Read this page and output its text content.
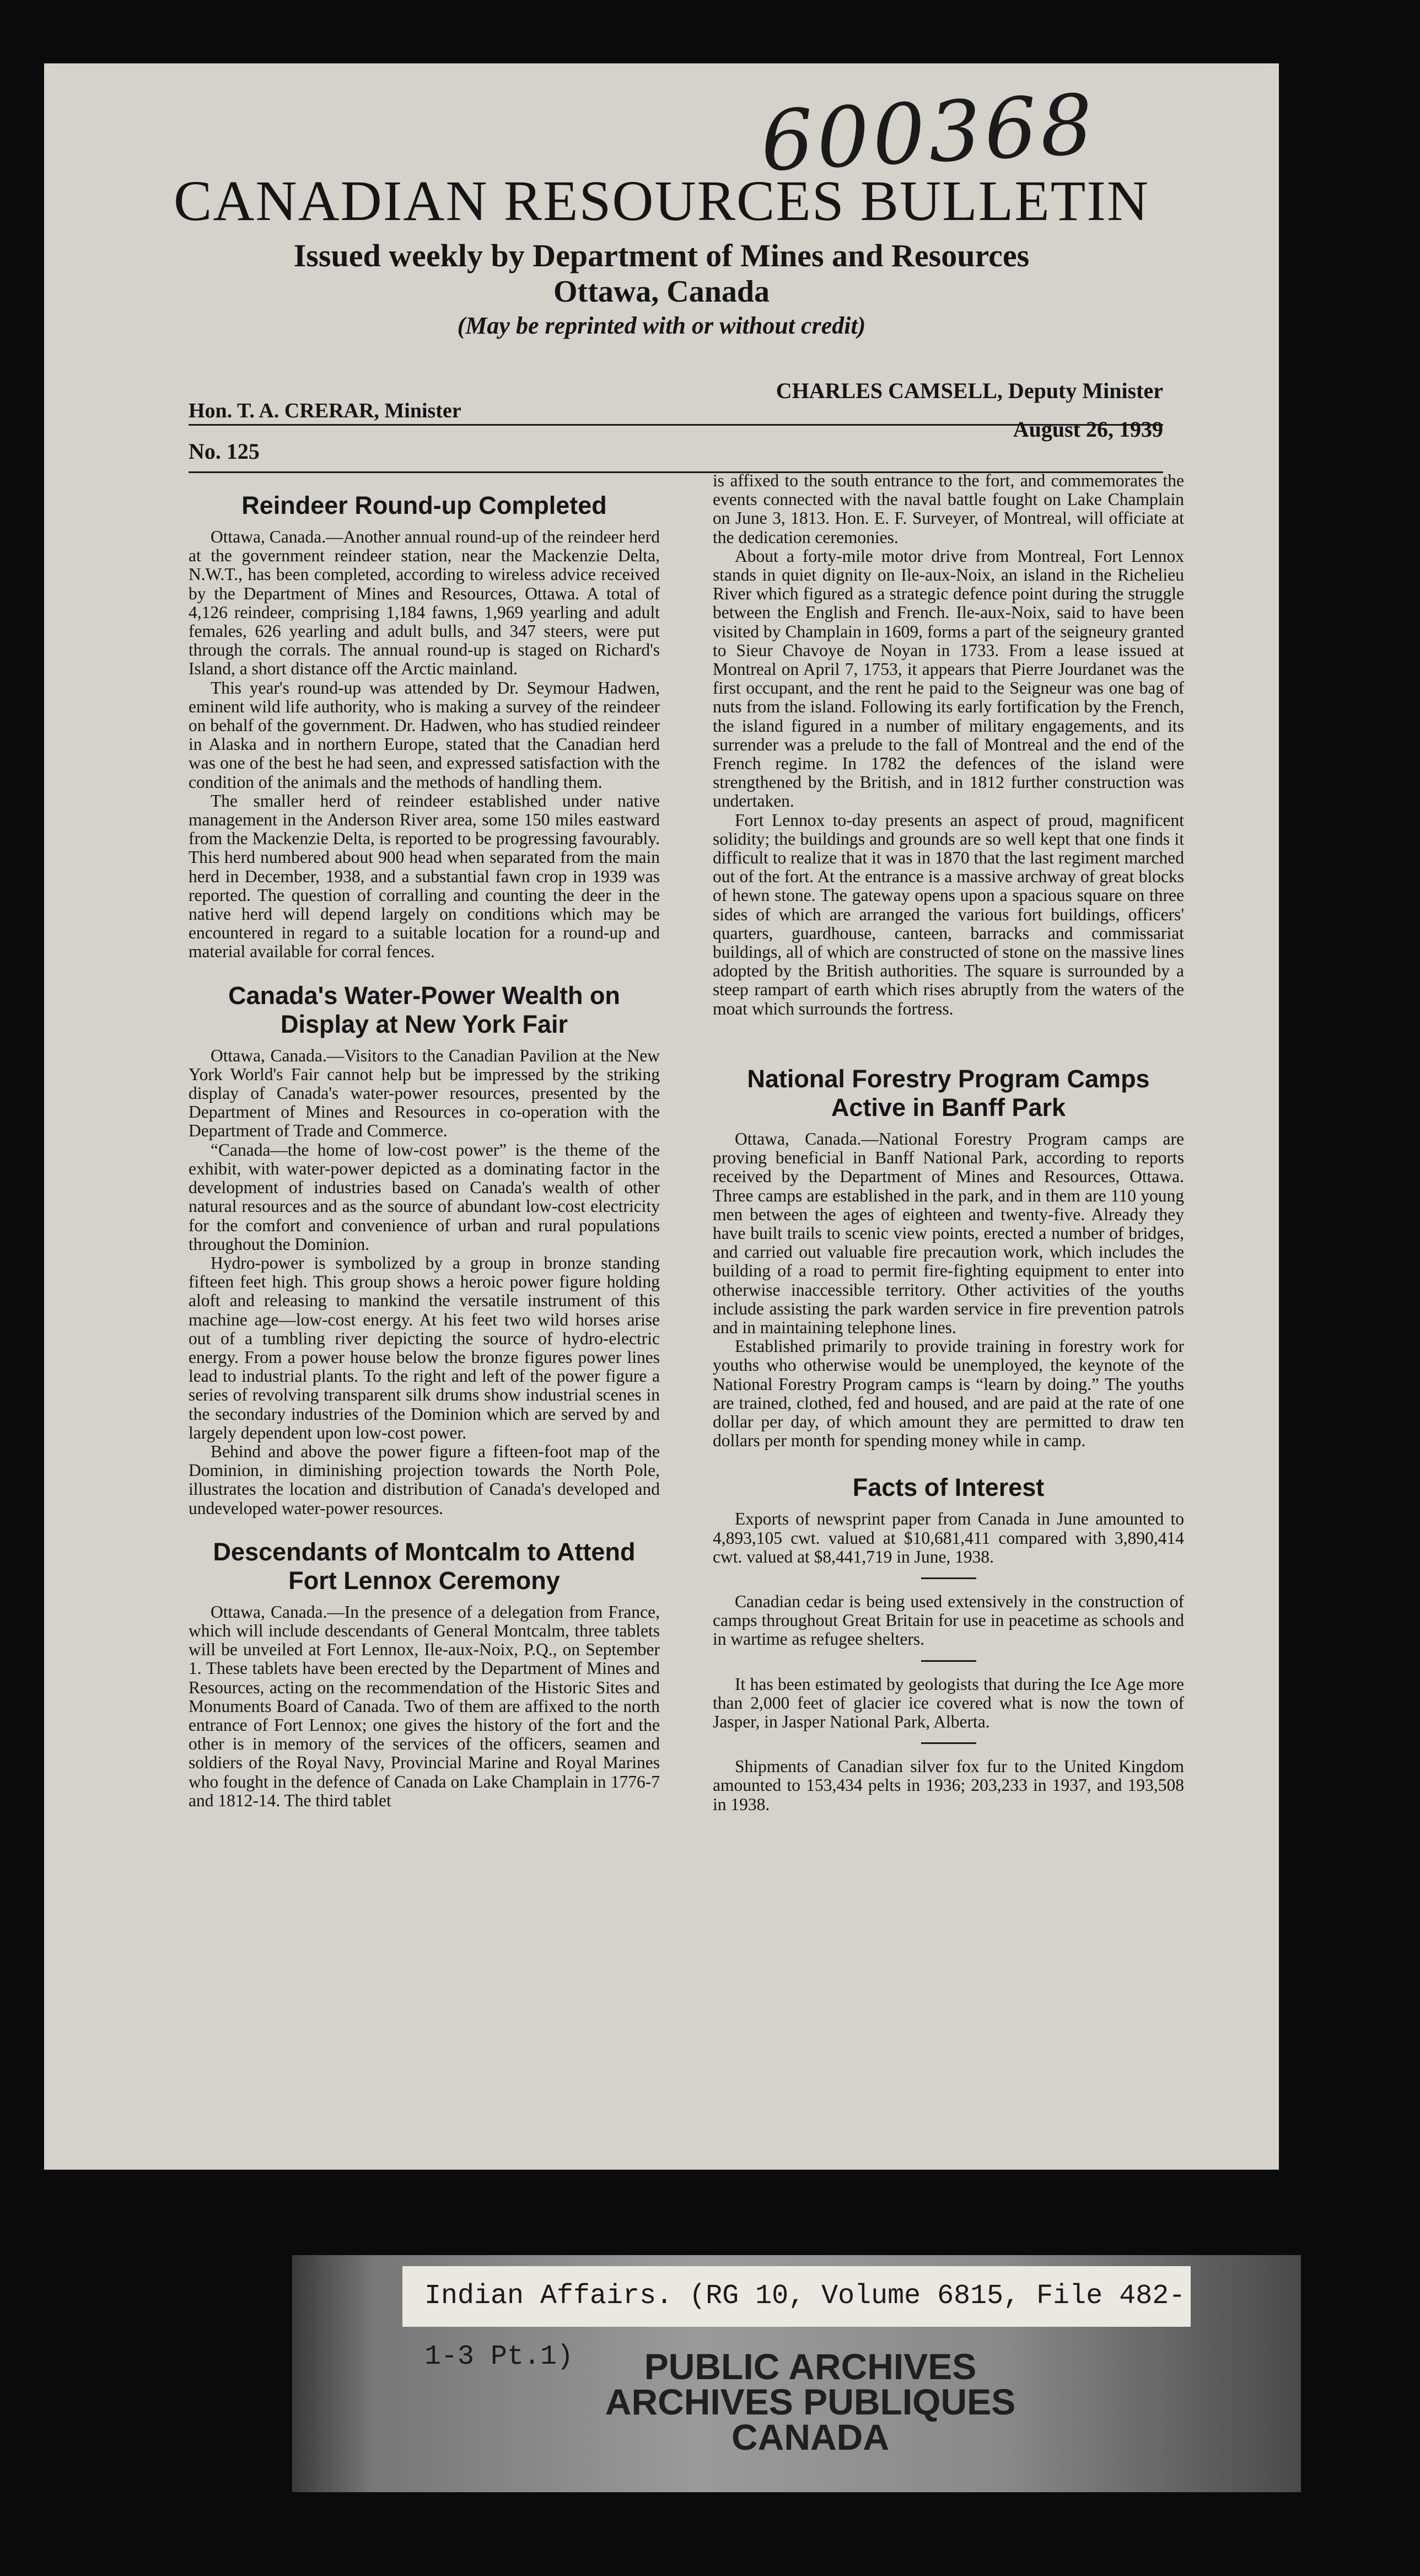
600368
CANADIAN RESOURCES BULLETIN
Issued weekly by Department of Mines and Resources
Ottawa, Canada
(May be reprinted with or without credit)
Hon. T. A. CRERAR, Minister
CHARLES CAMSELL, Deputy Minister
August 26, 1939
No. 125
Reindeer Round-up Completed

Ottawa, Canada.—Another annual round-up of the reindeer herd at the government reindeer station, near the Mackenzie Delta, N.W.T., has been completed, according to wireless advice received by the Department of Mines and Resources, Ottawa. A total of 4,126 reindeer, comprising 1,184 fawns, 1,969 yearling and adult females, 626 yearling and adult bulls, and 347 steers, were put through the corrals. The annual round-up is staged on Richard's Island, a short distance off the Arctic mainland.

This year's round-up was attended by Dr. Seymour Hadwen, eminent wild life authority, who is making a survey of the reindeer on behalf of the government. Dr. Hadwen, who has studied reindeer in Alaska and in northern Europe, stated that the Canadian herd was one of the best he had seen, and expressed satisfaction with the condition of the animals and the methods of handling them.

The smaller herd of reindeer established under native management in the Anderson River area, some 150 miles eastward from the Mackenzie Delta, is reported to be progressing favourably. This herd numbered about 900 head when separated from the main herd in December, 1938, and a substantial fawn crop in 1939 was reported. The question of corralling and counting the deer in the native herd will depend largely on conditions which may be encountered in regard to a suitable location for a round-up and material available for corral fences.

Canada's Water-Power Wealth on Display at New York Fair

Ottawa, Canada.—Visitors to the Canadian Pavilion at the New York World's Fair cannot help but be impressed by the striking display of Canada's water-power resources, presented by the Department of Mines and Resources in co-operation with the Department of Trade and Commerce.

“Canada—the home of low-cost power” is the theme of the exhibit, with water-power depicted as a dominating factor in the development of industries based on Canada's wealth of other natural resources and as the source of abundant low-cost electricity for the comfort and convenience of urban and rural populations throughout the Dominion.

Hydro-power is symbolized by a group in bronze standing fifteen feet high. This group shows a heroic power figure holding aloft and releasing to mankind the versatile instrument of this machine age—low-cost energy. At his feet two wild horses arise out of a tumbling river depicting the source of hydro-electric energy. From a power house below the bronze figures power lines lead to industrial plants. To the right and left of the power figure a series of revolving transparent silk drums show industrial scenes in the secondary industries of the Dominion which are served by and largely dependent upon low-cost power.

Behind and above the power figure a fifteen-foot map of the Dominion, in diminishing projection towards the North Pole, illustrates the location and distribution of Canada's developed and undeveloped water-power resources.

Descendants of Montcalm to Attend Fort Lennox Ceremony

Ottawa, Canada.—In the presence of a delegation from France, which will include descendants of General Montcalm, three tablets will be unveiled at Fort Lennox, Ile-aux-Noix, P.Q., on September 1. These tablets have been erected by the Department of Mines and Resources, acting on the recommendation of the Historic Sites and Monuments Board of Canada. Two of them are affixed to the north entrance of Fort Lennox; one gives the history of the fort and the other is in memory of the services of the officers, seamen and soldiers of the Royal Navy, Provincial Marine and Royal Marines who fought in the defence of Canada on Lake Champlain in 1776-7 and 1812-14. The third tablet

is affixed to the south entrance to the fort, and commemorates the events connected with the naval battle fought on Lake Champlain on June 3, 1813. Hon. E. F. Surveyer, of Montreal, will officiate at the dedication ceremonies.

About a forty-mile motor drive from Montreal, Fort Lennox stands in quiet dignity on Ile-aux-Noix, an island in the Richelieu River which figured as a strategic defence point during the struggle between the English and French. Ile-aux-Noix, said to have been visited by Champlain in 1609, forms a part of the seigneury granted to Sieur Chavoye de Noyan in 1733. From a lease issued at Montreal on April 7, 1753, it appears that Pierre Jourdanet was the first occupant, and the rent he paid to the Seigneur was one bag of nuts from the island. Following its early fortification by the French, the island figured in a number of military engagements, and its surrender was a prelude to the fall of Montreal and the end of the French regime. In 1782 the defences of the island were strengthened by the British, and in 1812 further construction was undertaken.

Fort Lennox to-day presents an aspect of proud, magnificent solidity; the buildings and grounds are so well kept that one finds it difficult to realize that it was in 1870 that the last regiment marched out of the fort. At the entrance is a massive archway of great blocks of hewn stone. The gateway opens upon a spacious square on three sides of which are arranged the various fort buildings, officers' quarters, guardhouse, canteen, barracks and commissariat buildings, all of which are constructed of stone on the massive lines adopted by the British authorities. The square is surrounded by a steep rampart of earth which rises abruptly from the waters of the moat which surrounds the fortress.

National Forestry Program Camps Active in Banff Park

Ottawa, Canada.—National Forestry Program camps are proving beneficial in Banff National Park, according to reports received by the Department of Mines and Resources, Ottawa. Three camps are established in the park, and in them are 110 young men between the ages of eighteen and twenty-five. Already they have built trails to scenic view points, erected a number of bridges, and carried out valuable fire precaution work, which includes the building of a road to permit fire-fighting equipment to enter into otherwise inaccessible territory. Other activities of the youths include assisting the park warden service in fire prevention patrols and in maintaining telephone lines.

Established primarily to provide training in forestry work for youths who otherwise would be unemployed, the keynote of the National Forestry Program camps is “learn by doing.” The youths are trained, clothed, fed and housed, and are paid at the rate of one dollar per day, of which amount they are permitted to draw ten dollars per month for spending money while in camp.

Facts of Interest

Exports of newsprint paper from Canada in June amounted to 4,893,105 cwt. valued at $10,681,411 compared with 3,890,414 cwt. valued at $8,441,719 in June, 1938.

Canadian cedar is being used extensively in the construction of camps throughout Great Britain for use in peacetime as schools and in wartime as refugee shelters.

It has been estimated by geologists that during the Ice Age more than 2,000 feet of glacier ice covered what is now the town of Jasper, in Jasper National Park, Alberta.

Shipments of Canadian silver fox fur to the United Kingdom amounted to 153,434 pelts in 1936; 203,233 in 1937, and 193,508 in 1938.

Indian Affairs. (RG 10, Volume 6815, File 482-1-3 Pt.1)	PUBLIC ARCHIVES
ARCHIVES PUBLIQUES
CANADA
